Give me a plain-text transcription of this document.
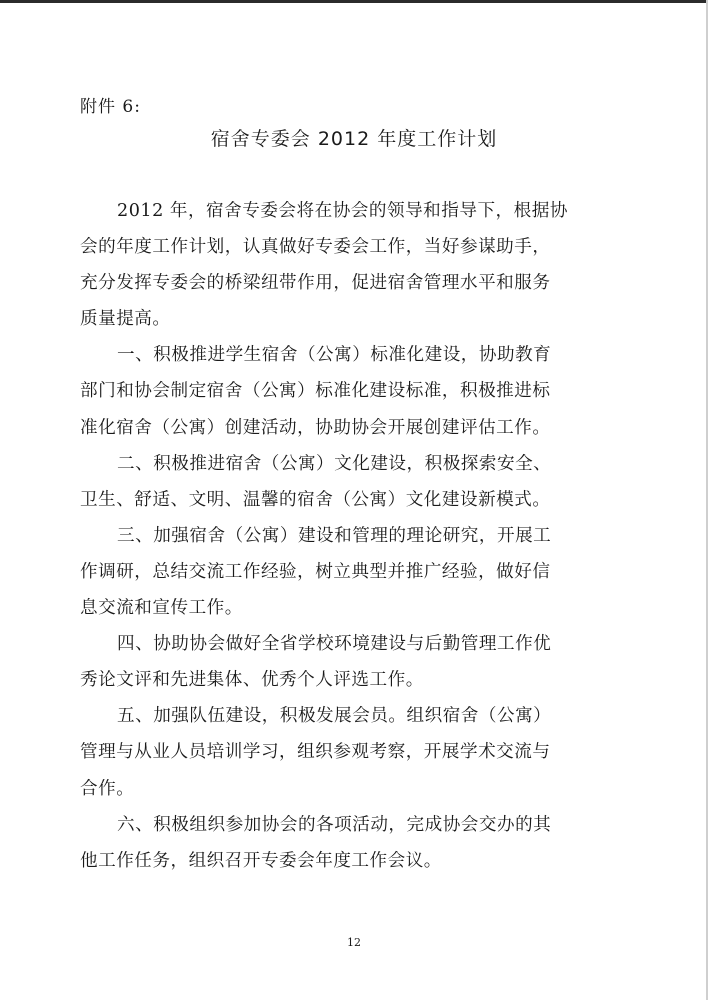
附件 6:
宿舍专委会 2012 年度工作计划
2012 年，宿舍专委会将在协会的领导和指导下，根据协
会的年度工作计划，认真做好专委会工作，当好参谋助手，
充分发挥专委会的桥梁纽带作用，促进宿舍管理水平和服务
质量提高。
一、积极推进学生宿舍（公寓）标准化建设，协助教育
部门和协会制定宿舍（公寓）标准化建设标准，积极推进标
准化宿舍（公寓）创建活动，协助协会开展创建评估工作。
二、积极推进宿舍（公寓）文化建设，积极探索安全、
卫生、舒适、文明、温馨的宿舍（公寓）文化建设新模式。
三、加强宿舍（公寓）建设和管理的理论研究，开展工
作调研，总结交流工作经验，树立典型并推广经验，做好信
息交流和宣传工作。
四、协助协会做好全省学校环境建设与后勤管理工作优
秀论文评和先进集体、优秀个人评选工作。
五、加强队伍建设，积极发展会员。组织宿舍（公寓）
管理与从业人员培训学习，组织参观考察，开展学术交流与
合作。
六、积极组织参加协会的各项活动，完成协会交办的其
他工作任务，组织召开专委会年度工作会议。
12
